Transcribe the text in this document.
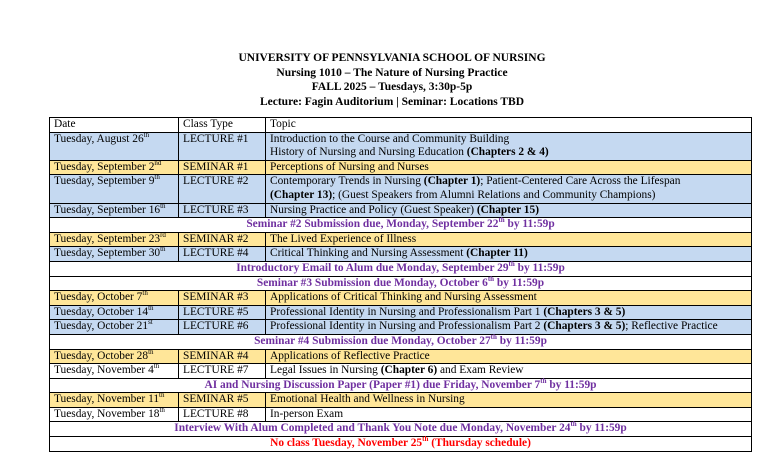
UNIVERSITY OF PENNSYLVANIA SCHOOL OF NURSING
Nursing 1010 – The Nature of Nursing Practice
FALL 2025 – Tuesdays, 3:30p-5p
Lecture: Fagin Auditorium | Seminar: Locations TBD
Date	Class Type	Topic
Tuesday, August 26th	LECTURE #1	Introduction to the Course and Community Building
History of Nursing and Nursing Education (Chapters 2 & 4)

Tuesday, September 2nd	SEMINAR #1	Perceptions of Nursing and Nurses

Tuesday, September 9th	LECTURE #2	Contemporary Trends in Nursing (Chapter 1); Patient-Centered Care Across the Lifespan
(Chapter 13); (Guest Speakers from Alumni Relations and Community Champions)

Tuesday, September 16th	LECTURE #3	Nursing Practice and Policy (Guest Speaker) (Chapter 15)

Seminar #2 Submission due, Monday, September 22th by 11:59p		
Tuesday, September 23rd	SEMINAR #2	The Lived Experience of Illness

Tuesday, September 30th	LECTURE #4	Critical Thinking and Nursing Assessment (Chapter 11)

Introductory Email to Alum due Monday, September 29th by 11:59p		
Seminar #3 Submission due Monday, October 6th by 11:59p		
Tuesday, October 7th	SEMINAR #3	Applications of Critical Thinking and Nursing Assessment

Tuesday, October 14th	LECTURE #5	Professional Identity in Nursing and Professionalism Part 1 (Chapters 3 & 5)

Tuesday, October 21st	LECTURE #6	Professional Identity in Nursing and Professionalism Part 2 (Chapters 3 & 5); Reflective Practice

Seminar #4 Submission due Monday, October 27th by 11:59p		
Tuesday, October 28th	SEMINAR #4	Applications of Reflective Practice

Tuesday, November 4th	LECTURE #7	Legal Issues in Nursing (Chapter 6) and Exam Review

AI and Nursing Discussion Paper (Paper #1) due Friday, November 7th by 11:59p		
Tuesday, November 11th	SEMINAR #5	Emotional Health and Wellness in Nursing

Tuesday, November 18th	LECTURE #8	In-person Exam

Interview With Alum Completed and Thank You Note due Monday, November 24th by 11:59p		
No class Tuesday, November 25th (Thursday schedule)		
